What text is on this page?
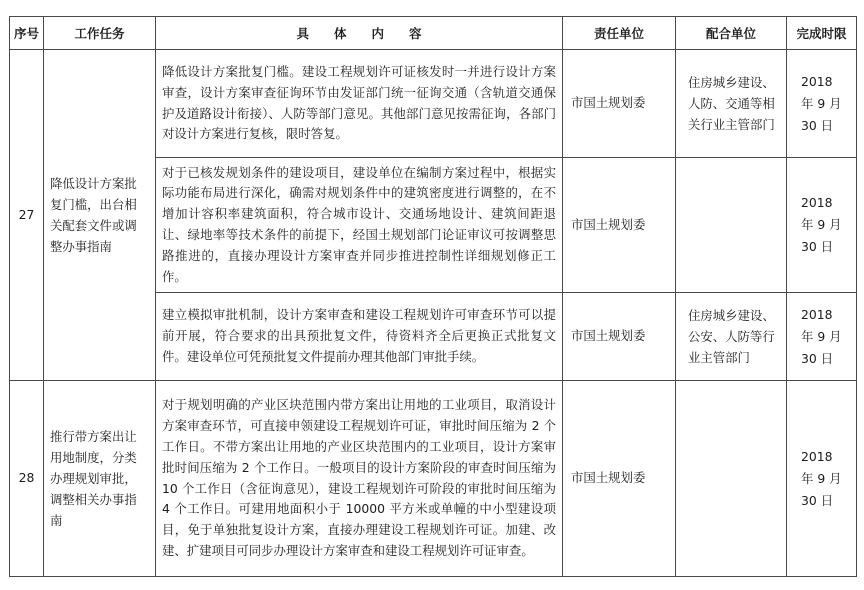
序号	工作任务	具　　体　　内　　容	责任单位	配合单位	完成时限
27	降低设计方案批复门槛，出台相关配套文件或调整办事指南	降低设计方案批复门槛。建设工程规划许可证核发时一并进行设计方案审查，设计方案审查征询环节由发证部门统一征询交通（含轨道交通保护及道路设计衔接）、人防等部门意见。其他部门意见按需征询，各部门对设计方案进行复核，限时答复。	市国土规划委	住房城乡建设、人防、交通等相关行业主管部门	2018 年 9 月 30 日
		对于已核发规划条件的建设项目，建设单位在编制方案过程中，根据实际功能布局进行深化，确需对规划条件中的建筑密度进行调整的，在不增加计容积率建筑面积，符合城市设计、交通场地设计、建筑间距退让、绿地率等技术条件的前提下，经国土规划部门论证审议可按调整思路推进的，直接办理设计方案审查并同步推进控制性详细规划修正工作。	市国土规划委		2018 年 9 月 30 日
		建立模拟审批机制，设计方案审查和建设工程规划许可审查环节可以提前开展，符合要求的出具预批复文件，待资料齐全后更换正式批复文件。建设单位可凭预批复文件提前办理其他部门审批手续。	市国土规划委	住房城乡建设、公安、人防等行业主管部门	2018 年 9 月 30 日
28	推行带方案出让用地制度，分类办理规划审批，调整相关办事指南	对于规划明确的产业区块范围内带方案出让用地的工业项目，取消设计方案审查环节，可直接申领建设工程规划许可证，审批时间压缩为 2 个工作日。不带方案出让用地的产业区块范围内的工业项目，设计方案审批时间压缩为 2 个工作日。一般项目的设计方案阶段的审查时间压缩为 10 个工作日（含征询意见），建设工程规划许可阶段的审批时间压缩为 4 个工作日。可建用地面积小于 10000 平方米或单幢的中小型建设项目，免于单独批复设计方案，直接办理建设工程规划许可证。加建、改建、扩建项目可同步办理设计方案审查和建设工程规划许可证审查。	市国土规划委		2018 年 9 月 30 日
